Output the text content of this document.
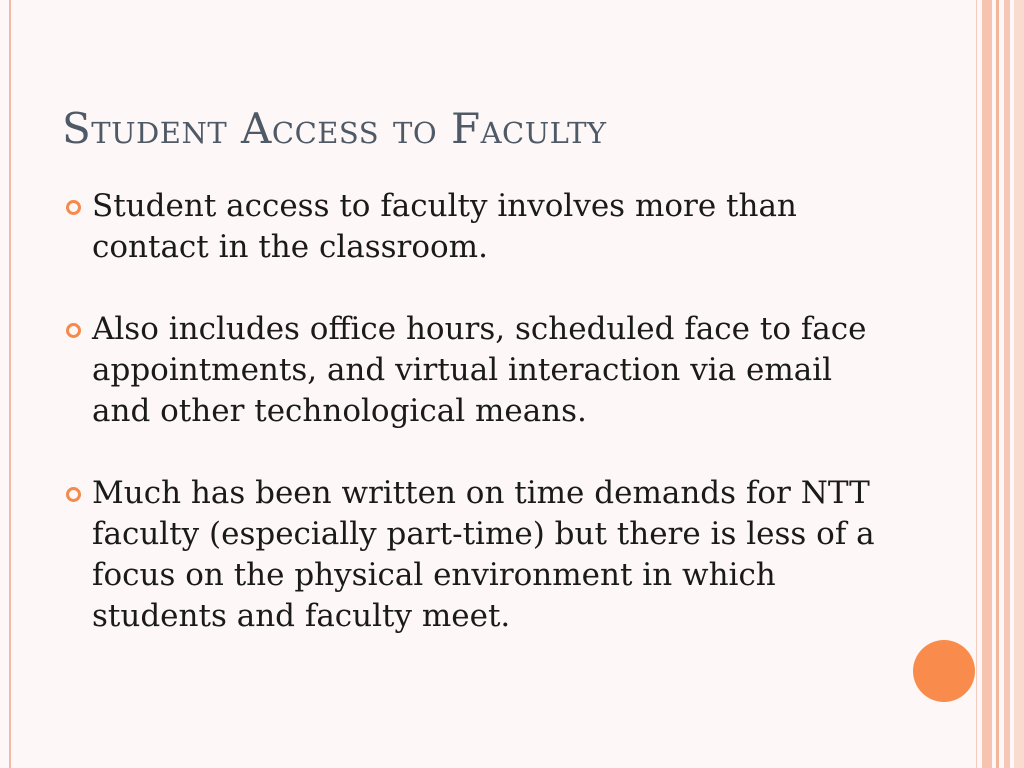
Student Access to Faculty
Student access to faculty involves more than contact in the classroom.
Also includes office hours, scheduled face to face appointments, and virtual interaction via email and other technological means.
Much has been written on time demands for NTT faculty (especially part-time) but there is less of a focus on the physical environment in which students and faculty meet.
